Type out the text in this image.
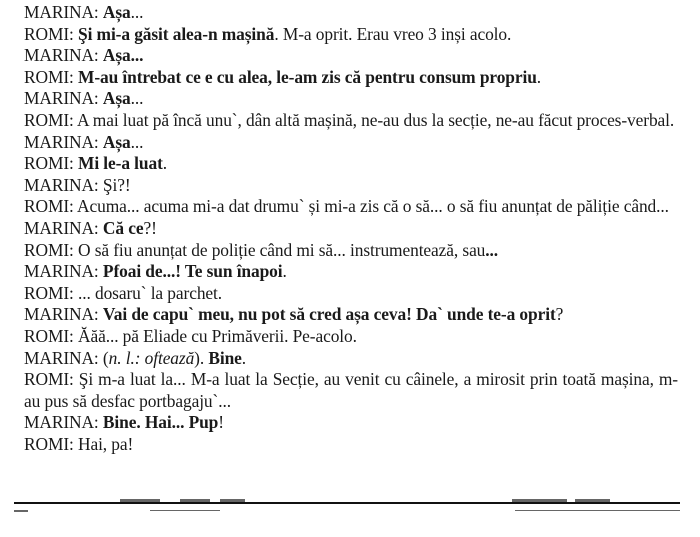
MARINA: Așa...

ROMI: Şi mi-a găsit alea-n mașină. M-a oprit. Erau vreo 3 inși acolo.

MARINA: Așa...

ROMI: M-au întrebat ce e cu alea, le-am zis că pentru consum propriu.

MARINA: Așa...

ROMI: A mai luat pă încă unu`, dân altă mașină, ne-au dus la secție, ne-au făcut proces-verbal.

MARINA: Așa...

ROMI: Mi le-a luat.

MARINA: Şi?!

ROMI: Acuma... acuma mi-a dat drumu` și mi-a zis că o să... o să fiu anunțat de păliție când...

MARINA: Că ce?!

ROMI: O să fiu anunțat de poliție când mi să... instrumentează, sau...

MARINA: Pfoai de...! Te sun înapoi.

ROMI: ... dosaru` la parchet.

MARINA: Vai de capu` meu, nu pot să cred așa ceva! Da` unde te-a oprit?

ROMI: Ăăă... pă Eliade cu Primăverii. Pe-acolo.

MARINA: (n. l.: oftează). Bine.

ROMI: Şi m-a luat la... M-a luat la Secție, au venit cu câinele, a mirosit prin toată mașina, m-au pus să desfac portbagaju`...

MARINA: Bine. Hai... Pup!

ROMI: Hai, pa!
